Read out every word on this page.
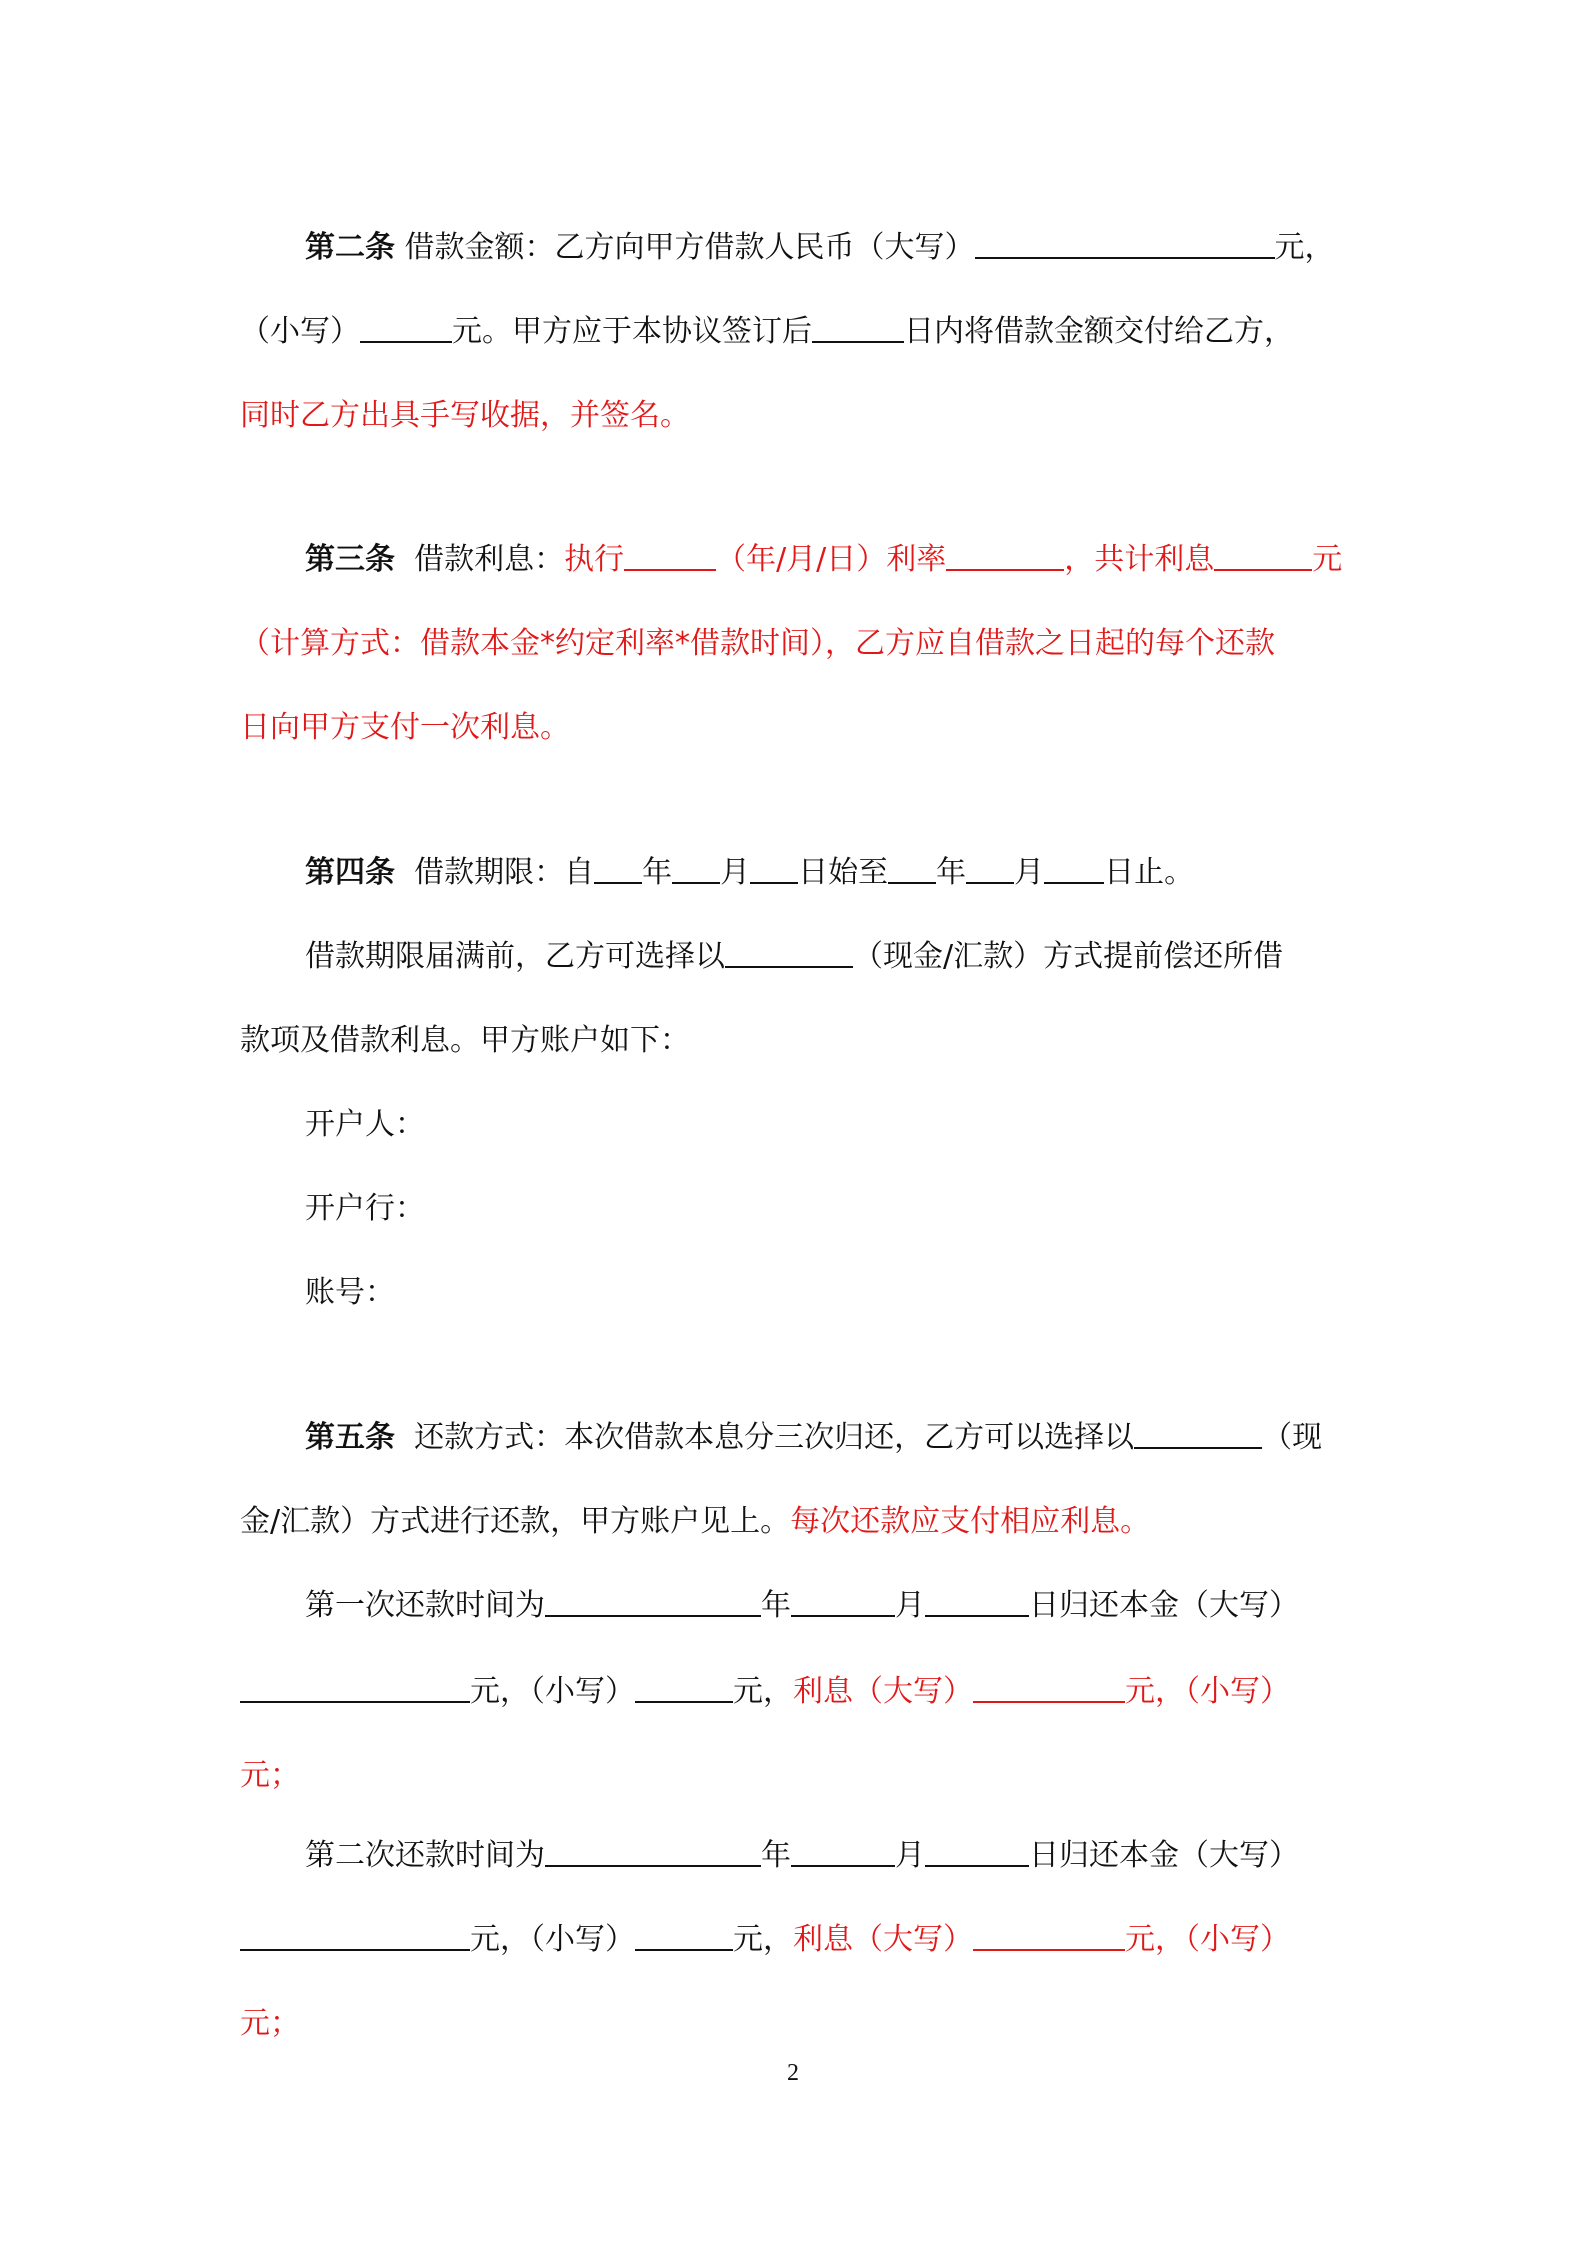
第二条 借款金额：乙方向甲方借款人民币（大写）	元，
（小写）	元。甲方应于本协议签订后	日内将借款金额交付给乙方，
同时乙方出具手写收据，并签名。
第三条 借款利息：执行	（年/月/日）利率	，共计利息	元
（计算方式：借款本金*约定利率*借款时间），乙方应自借款之日起的每个还款
日向甲方支付一次利息。
第四条 借款期限：自 年 月 日始至 年 月 日止。
借款期限届满前，乙方可选择以	（现金/汇款）方式提前偿还所借
款项及借款利息。甲方账户如下：
开户人：
开户行：
账号：
第五条 还款方式：本次借款本息分三次归还，乙方可以选择以	（现
金/汇款）方式进行还款，甲方账户见上。每次还款应支付相应利息。
第一次还款时间为	年	月	日归还本金（大写）
元，（小写）	元，利息（大写）	元，（小写）
元；
第二次还款时间为	年	月	日归还本金（大写）
元，（小写）	元，利息（大写）	元，（小写）
元；
2
